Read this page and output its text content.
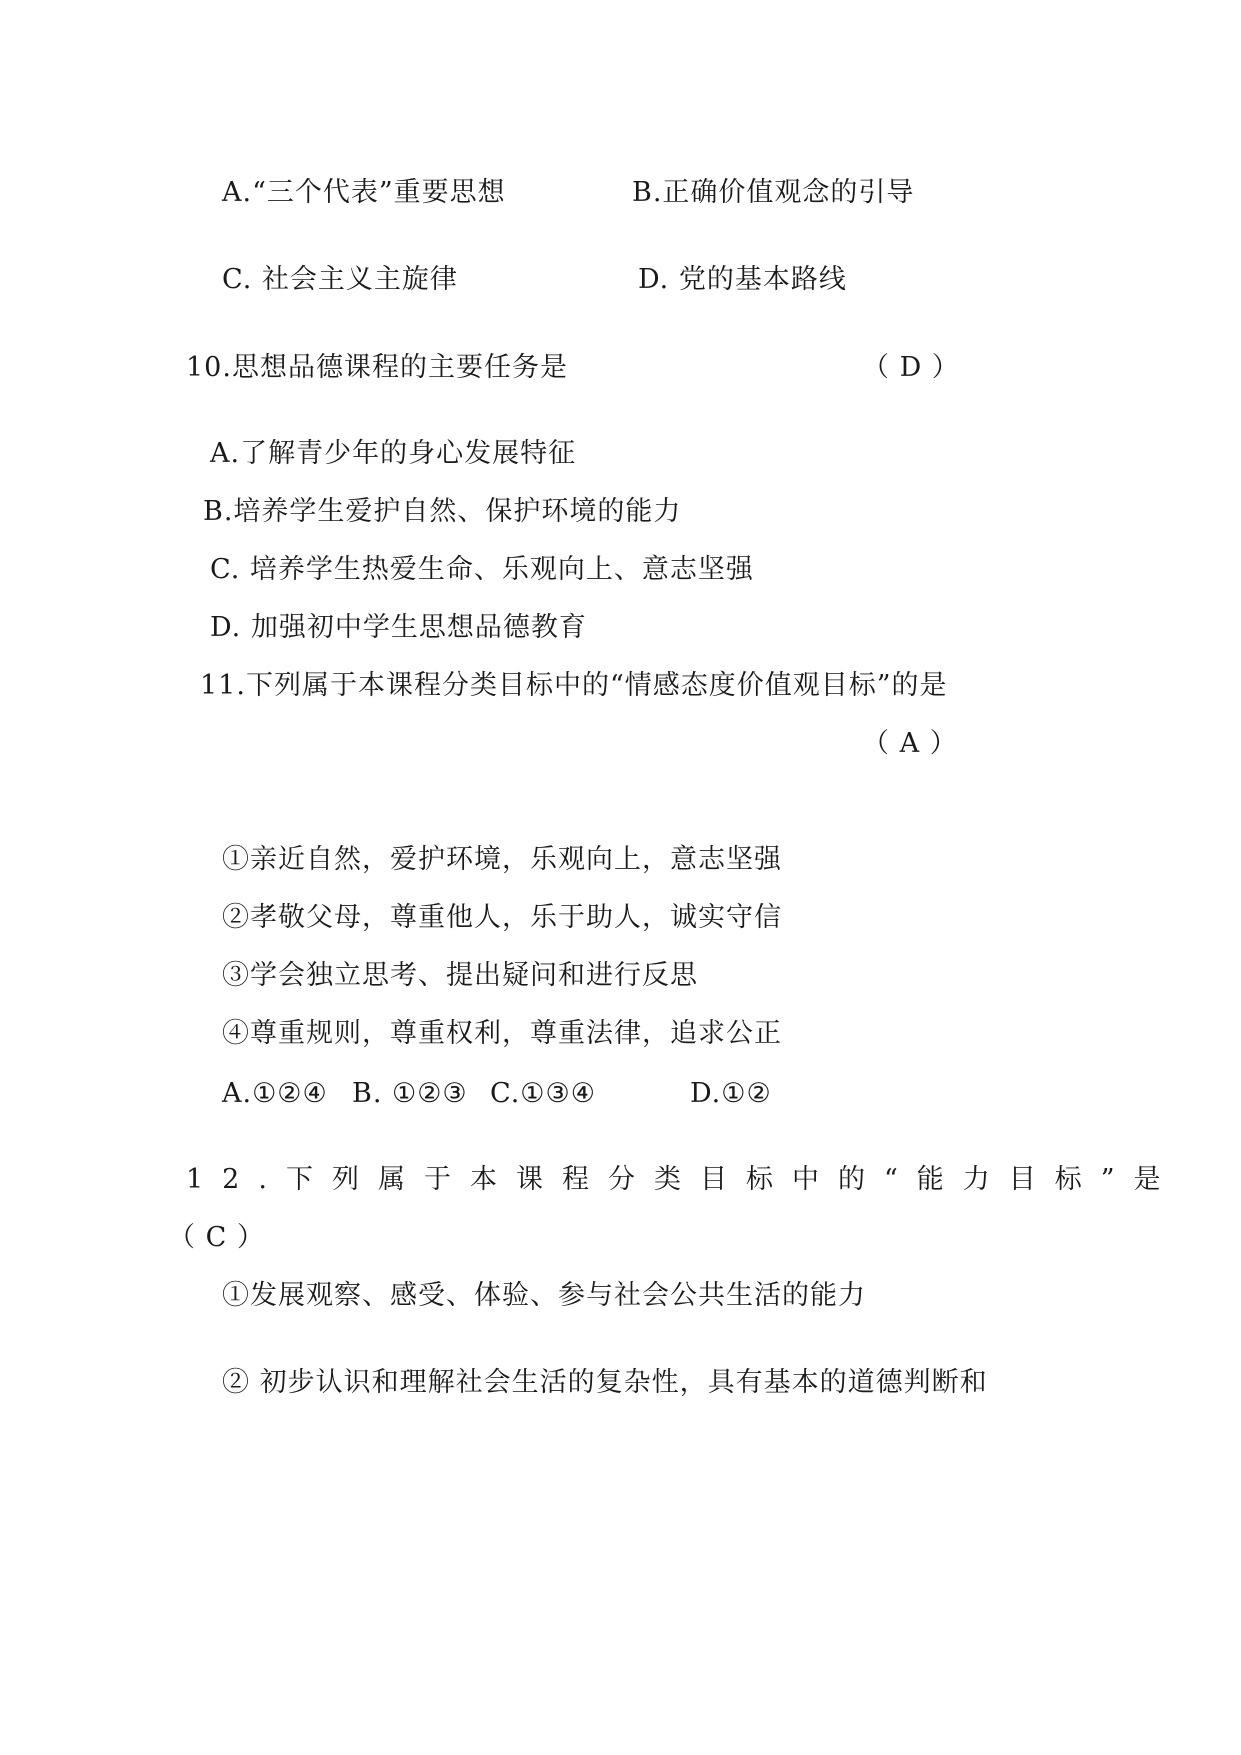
A.“三个代表”重要思想	B.正确价值观念的引导
C. 社会主义主旋律	D. 党的基本路线
10.思想品德课程的主要任务是	（ D ）
A.了解青少年的身心发展特征
B.培养学生爱护自然、保护环境的能力
C. 培养学生热爱生命、乐观向上、意志坚强
D. 加强初中学生思想品德教育
11.下列属于本课程分类目标中的“情感态度价值观目标”的是
（ A ）
①亲近自然，爱护环境，乐观向上，意志坚强
②孝敬父母，尊重他人，乐于助人，诚实守信
③学会独立思考、提出疑问和进行反思
④尊重规则，尊重权利，尊重法律，追求公正
A.①②④ B. ①②③ C.①③④	D.①②
12.下列属于本课程分类目标中的“能力目标”是
（ C ）
①发展观察、感受、体验、参与社会公共生活的能力
② 初步认识和理解社会生活的复杂性，具有基本的道德判断和
